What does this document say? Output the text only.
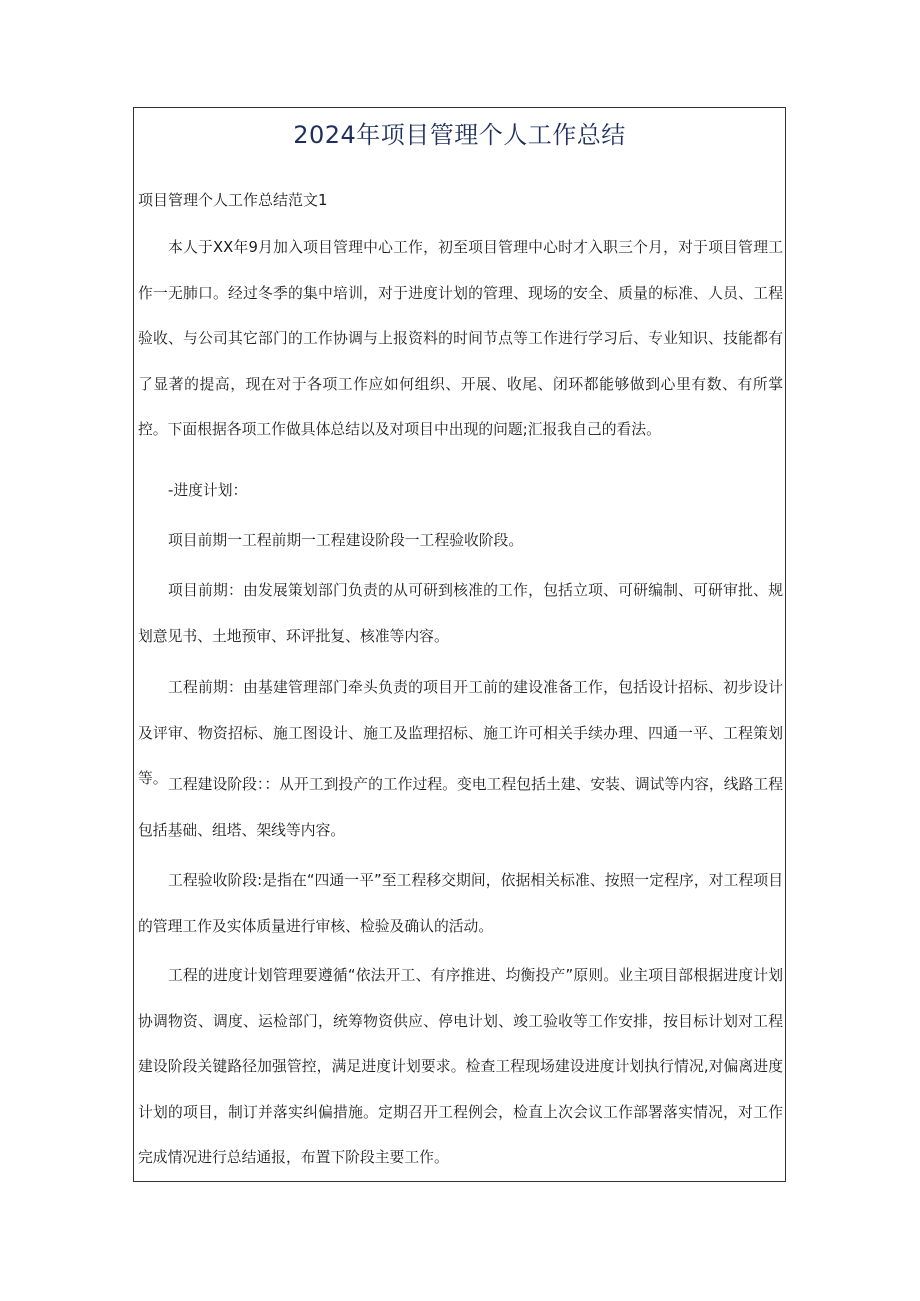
2024年项目管理个人工作总结
项目管理个人工作总结范文1

本人于XX年9月加入项目管理中心工作，初至项目管理中心时才入职三个月，对于项目管理工作一无肺口。经过冬季的集中培训，对于进度计划的管理、现场的安全、质量的标准、人员、工程验收、与公司其它部门的工作协调与上报资料的时间节点等工作进行学习后、专业知识、技能都有了显著的提高，现在对于各项工作应如何组织、开展、收尾、闭环都能够做到心里有数、有所掌控。下面根据各项工作做具体总结以及对项目中出现的问题;汇报我自己的看法。

-进度计划：

项目前期一工程前期一工程建设阶段一工程验收阶段。

项目前期：由发展策划部门负责的从可研到核准的工作，包括立项、可研编制、可研审批、规划意见书、土地预审、环评批复、核准等内容。

工程前期：由基建管理部门牵头负责的项目开工前的建设准备工作，包括设计招标、初步设计及评审、物资招标、施工图设计、施工及监理招标、施工许可相关手续办理、四通一平、工程策划等。 工程建设阶段：：从开工到投产的工作过程。变电工程包括土建、安装、调试等内容，线路工程包括基础、组塔、架线等内容。

工程验收阶段:是指在“四通一平”至工程移交期间，依据相关标准、按照一定程序，对工程项目的管理工作及实体质量进行审核、检验及确认的活动。

工程的进度计划管理要遵循“依法开工、有序推进、均衡投产”原则。业主项目部根据进度计划协调物资、调度、运检部门，统筹物资供应、停电计划、竣工验收等工作安排，按目标计划对工程建设阶段关键路径加强管控，满足进度计划要求。检查工程现场建设进度计划执行情况,对偏离进度计划的项目，制订并落实纠偏措施。定期召开工程例会，检直上次会议工作部署落实情况，对工作完成情况进行总结通报，布置下阶段主要工作。
